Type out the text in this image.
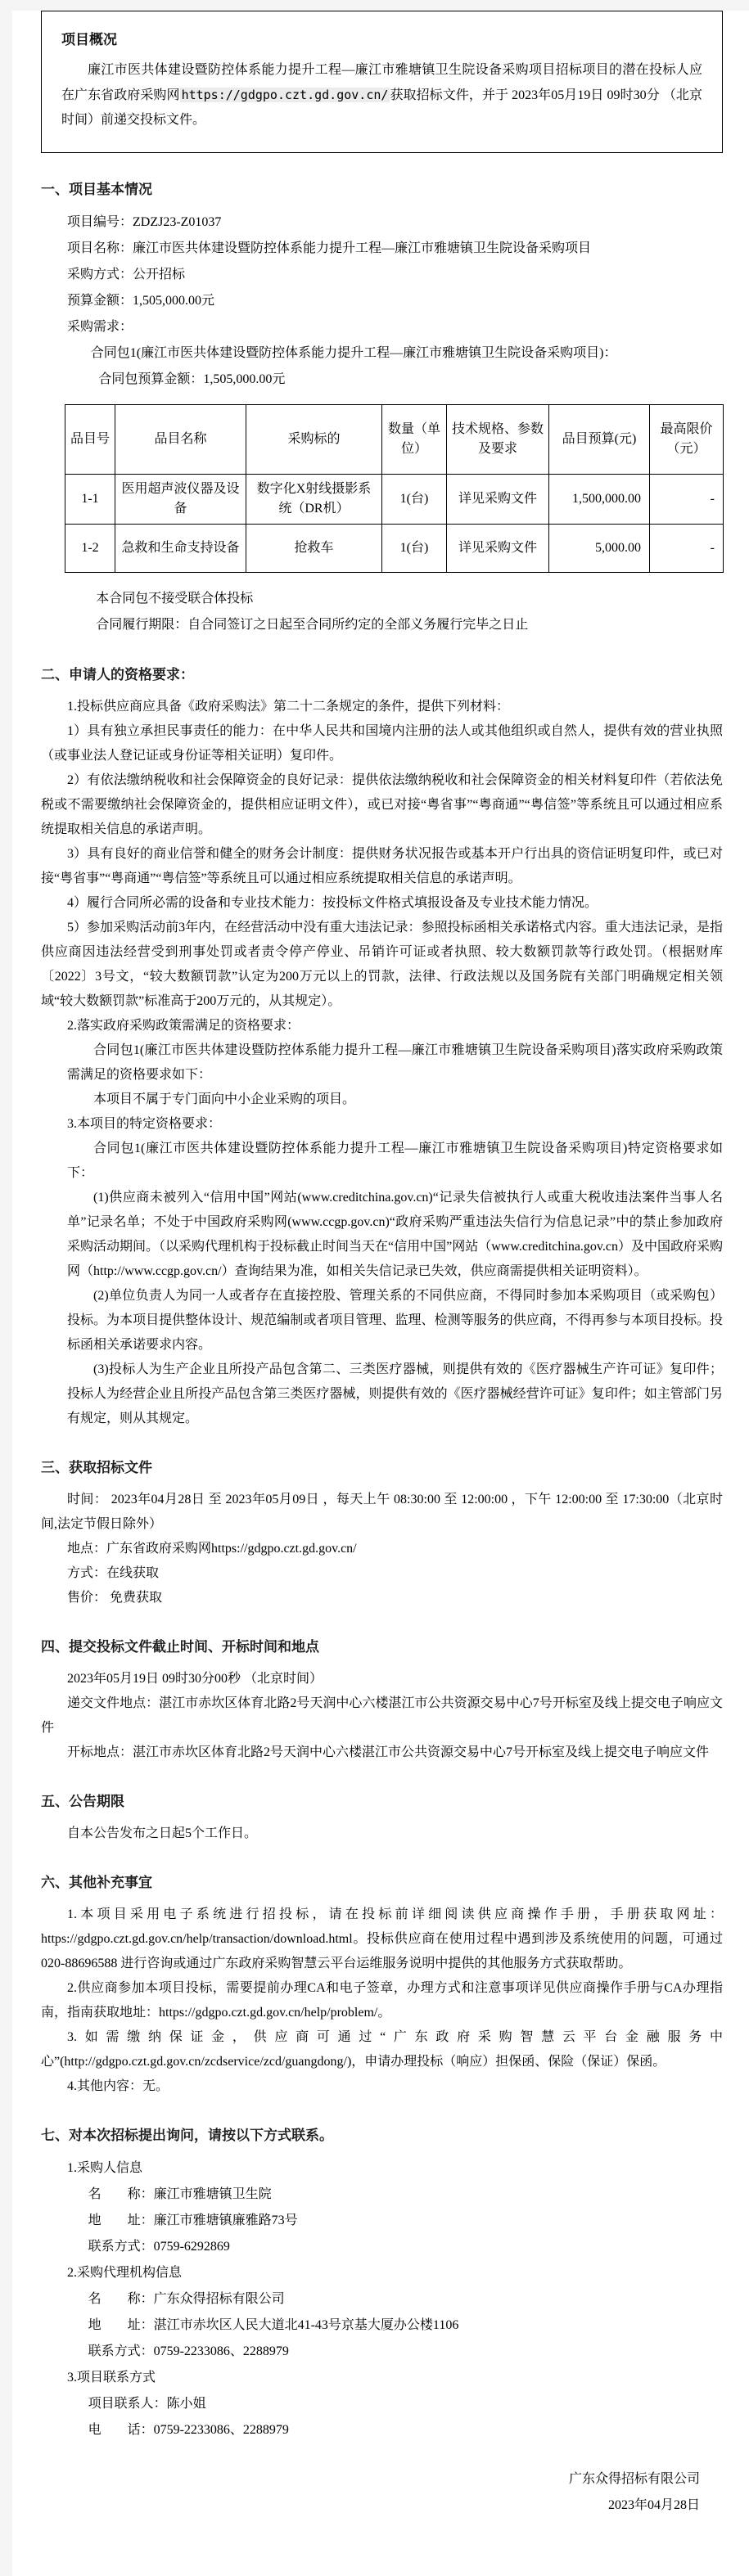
项目概况

廉江市医共体建设暨防控体系能力提升工程—廉江市雅塘镇卫生院设备采购项目招标项目的潜在投标人应在广东省政府采购网 https://gdgpo.czt.gd.gov.cn/ 获取招标文件，并于 2023年05月19日 09时30分 （北京时间）前递交投标文件。

一、项目基本情况
项目编号：ZDZJ23-Z01037
项目名称：廉江市医共体建设暨防控体系能力提升工程—廉江市雅塘镇卫生院设备采购项目
采购方式：公开招标
预算金额：1,505,000.00元
采购需求：
合同包1(廉江市医共体建设暨防控体系能力提升工程—廉江市雅塘镇卫生院设备采购项目)：
合同包预算金额：1,505,000.00元
品目号	品目名称	采购标的	数量（单位）	技术规格、参数及要求	品目预算(元)	最高限价（元）
1-1	医用超声波仪器及设备	数字化X射线摄影系统（DR机）	1(台)	详见采购文件	1,500,000.00	-
1-2	急救和生命支持设备	抢救车	1(台)	详见采购文件	5,000.00	-
本合同包不接受联合体投标
合同履行期限：自合同签订之日起至合同所约定的全部义务履行完毕之日止
二、申请人的资格要求：

1.投标供应商应具备《政府采购法》第二十二条规定的条件，提供下列材料：

1）具有独立承担民事责任的能力：在中华人民共和国境内注册的法人或其他组织或自然人，提供有效的营业执照（或事业法人登记证或身份证等相关证明）复印件。

2）有依法缴纳税收和社会保障资金的良好记录：提供依法缴纳税收和社会保障资金的相关材料复印件（若依法免税或不需要缴纳社会保障资金的，提供相应证明文件），或已对接“粤省事”“粤商通”“粤信签”等系统且可以通过相应系统提取相关信息的承诺声明。

3）具有良好的商业信誉和健全的财务会计制度：提供财务状况报告或基本开户行出具的资信证明复印件，或已对接“粤省事”“粤商通”“粤信签”等系统且可以通过相应系统提取相关信息的承诺声明。

4）履行合同所必需的设备和专业技术能力：按投标文件格式填报设备及专业技术能力情况。

5）参加采购活动前3年内，在经营活动中没有重大违法记录：参照投标函相关承诺格式内容。重大违法记录，是指供应商因违法经营受到刑事处罚或者责令停产停业、吊销许可证或者执照、较大数额罚款等行政处罚。（根据财库〔2022〕3号文，“较大数额罚款”认定为200万元以上的罚款，法律、行政法规以及国务院有关部门明确规定相关领域“较大数额罚款”标准高于200万元的，从其规定）。

2.落实政府采购政策需满足的资格要求：

合同包1(廉江市医共体建设暨防控体系能力提升工程—廉江市雅塘镇卫生院设备采购项目)落实政府采购政策需满足的资格要求如下：

本项目不属于专门面向中小企业采购的项目。

3.本项目的特定资格要求：

合同包1(廉江市医共体建设暨防控体系能力提升工程—廉江市雅塘镇卫生院设备采购项目)特定资格要求如下：

(1)供应商未被列入“信用中国”网站(www.creditchina.gov.cn)“记录失信被执行人或重大税收违法案件当事人名单”记录名单；不处于中国政府采购网(www.ccgp.gov.cn)“政府采购严重违法失信行为信息记录”中的禁止参加政府采购活动期间。（以采购代理机构于投标截止时间当天在“信用中国”网站（www.creditchina.gov.cn）及中国政府采购网（http://www.ccgp.gov.cn/）查询结果为准，如相关失信记录已失效，供应商需提供相关证明资料）。

(2)单位负责人为同一人或者存在直接控股、管理关系的不同供应商，不得同时参加本采购项目（或采购包）投标。为本项目提供整体设计、规范编制或者项目管理、监理、检测等服务的供应商，不得再参与本项目投标。投标函相关承诺要求内容。

(3)投标人为生产企业且所投产品包含第二、三类医疗器械，则提供有效的《医疗器械生产许可证》复印件；投标人为经营企业且所投产品包含第三类医疗器械，则提供有效的《医疗器械经营许可证》复印件；如主管部门另有规定，则从其规定。

三、获取招标文件

时间： 2023年04月28日 至 2023年05月09日 ，每天上午 08:30:00 至 12:00:00 ，下午 12:00:00 至 17:30:00（北京时间,法定节假日除外）

地点：广东省政府采购网https://gdgpo.czt.gd.gov.cn/

方式：在线获取

售价： 免费获取

四、提交投标文件截止时间、开标时间和地点

2023年05月19日 09时30分00秒 （北京时间）

递交文件地点：湛江市赤坎区体育北路2号天润中心六楼湛江市公共资源交易中心7号开标室及线上提交电子响应文件

开标地点：湛江市赤坎区体育北路2号天润中心六楼湛江市公共资源交易中心7号开标室及线上提交电子响应文件

五、公告期限

自本公告发布之日起5个工作日。

六、其他补充事宜

1.本项目采用电子系统进行招投标，请在投标前详细阅读供应商操作手册，手册获取网址：https://gdgpo.czt.gd.gov.cn/help/transaction/download.html。投标供应商在使用过程中遇到涉及系统使用的问题，可通过020-88696588 进行咨询或通过广东政府采购智慧云平台运维服务说明中提供的其他服务方式获取帮助。

2.供应商参加本项目投标，需要提前办理CA和电子签章，办理方式和注意事项详见供应商操作手册与CA办理指南，指南获取地址：https://gdgpo.czt.gd.gov.cn/help/problem/。

3.如需缴纳保证金，供应商可通过“广东政府采购智慧云平台金融服务中心”(http://gdgpo.czt.gd.gov.cn/zcdservice/zcd/guangdong/)，申请办理投标（响应）担保函、保险（保证）保函。

4.其他内容：无。

七、对本次招标提出询问，请按以下方式联系。
1.采购人信息
名　　称：廉江市雅塘镇卫生院
地　　址：廉江市雅塘镇廉雅路73号
联系方式：0759-6292869
2.采购代理机构信息
名　　称：广东众得招标有限公司
地　　址：湛江市赤坎区人民大道北41-43号京基大厦办公楼1106
联系方式：0759-2233086、2288979
3.项目联系方式
项目联系人：陈小姐
电　　话：0759-2233086、2288979
广东众得招标有限公司
2023年04月28日
